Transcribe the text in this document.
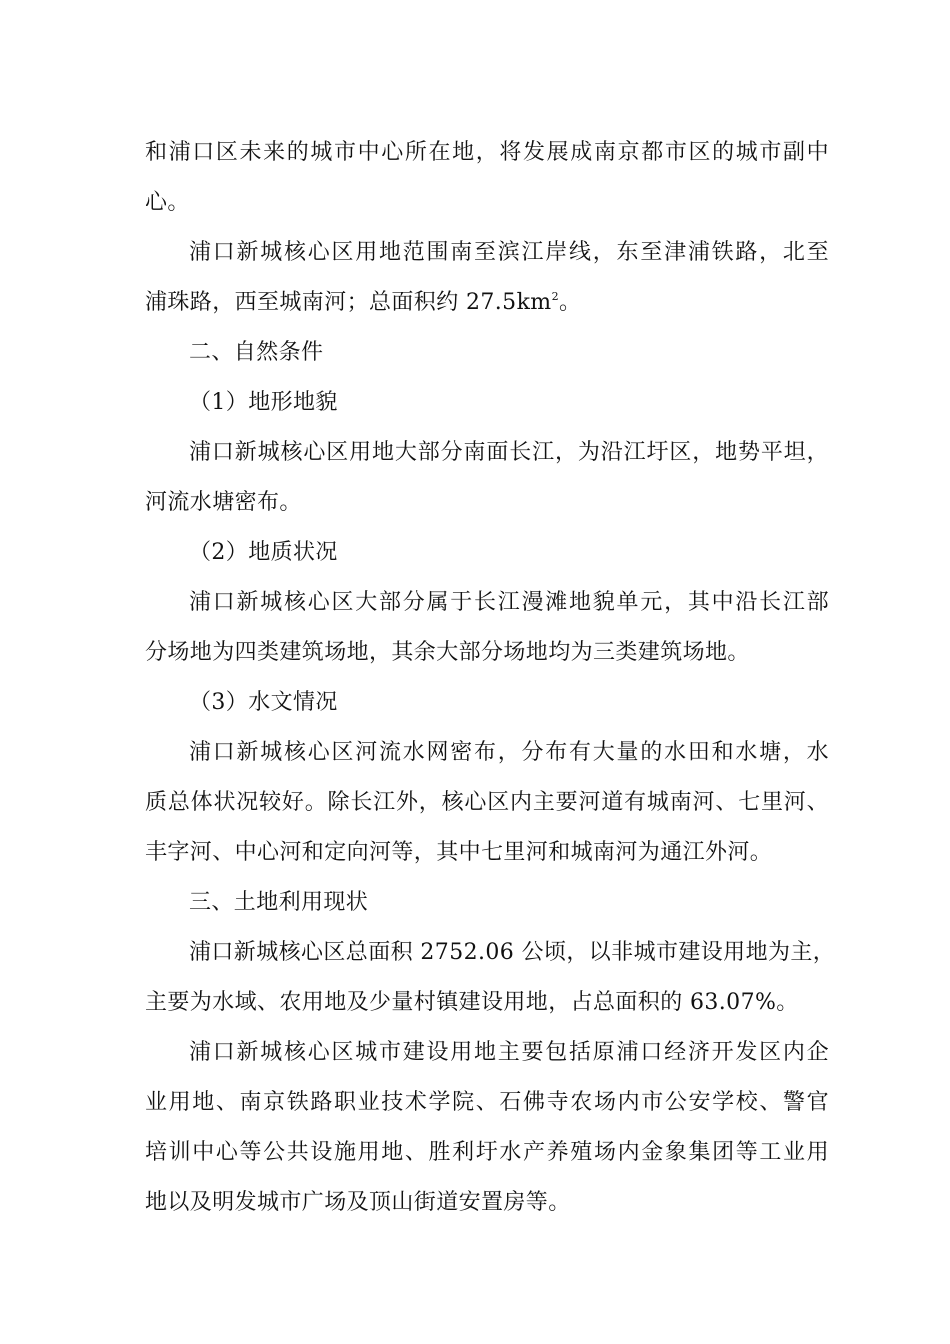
和浦口区未来的城市中心所在地，将发展成南京都市区的城市副中
心。
浦口新城核心区用地范围南至滨江岸线，东至津浦铁路，北至
浦珠路，西至城南河；总面积约 $27.5km^2$。
二、自然条件
（1）地形地貌
浦口新城核心区用地大部分南面长江，为沿江圩区，地势平坦，
河流水塘密布。
（2）地质状况
浦口新城核心区大部分属于长江漫滩地貌单元，其中沿长江部
分场地为四类建筑场地，其余大部分场地均为三类建筑场地。
（3）水文情况
浦口新城核心区河流水网密布，分布有大量的水田和水塘，水
质总体状况较好。除长江外，核心区内主要河道有城南河、七里河、
丰字河、中心河和定向河等，其中七里河和城南河为通江外河。
三、土地利用现状
浦口新城核心区总面积 2752.06 公顷，以非城市建设用地为主，
主要为水域、农用地及少量村镇建设用地，占总面积的 63.07%。
浦口新城核心区城市建设用地主要包括原浦口经济开发区内企
业用地、南京铁路职业技术学院、石佛寺农场内市公安学校、警官
培训中心等公共设施用地、胜利圩水产养殖场内金象集团等工业用
地以及明发城市广场及顶山街道安置房等。
